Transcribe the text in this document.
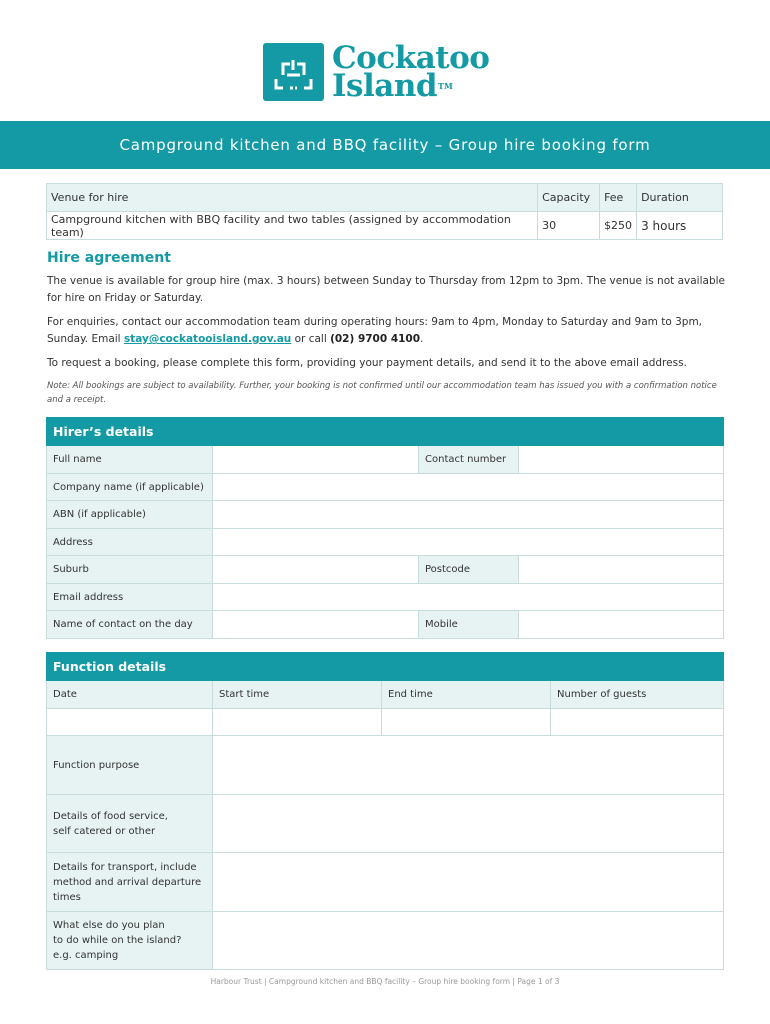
Cockatoo
IslandTM
Campground kitchen and BBQ facility – Group hire booking form
Venue for hire	Capacity	Fee	Duration
Campground kitchen with BBQ facility and two tables (assigned by accommodation team)	30	$250	3 hours
Hire agreement
The venue is available for group hire (max. 3 hours) between Sunday to Thursday from 12pm to 3pm. The venue is not available for hire on Friday or Saturday.
For enquiries, contact our accommodation team during operating hours: 9am to 4pm, Monday to Saturday and 9am to 3pm, Sunday. Email stay@cockatooisland.gov.au or call (02) 9700 4100.
To request a booking, please complete this form, providing your payment details, and send it to the above email address.
Note: All bookings are subject to availability. Further, your booking is not confirmed until our accommodation team has issued you with a confirmation notice and a receipt.
Hirer’s details			
Full name		Contact number	
Company name (if applicable)			
ABN (if applicable)			
Address			
Suburb		Postcode	
Email address			
Name of contact on the day		Mobile	
Function details			
Date	Start time	End time	Number of guests

Function purpose			

Details of food service,
self catered or other			

Details for transport, include
method and arrival departure
times			

What else do you plan
to do while on the island?
e.g. camping			

Harbour Trust | Campground kitchen and BBQ facility – Group hire booking form | Page 1 of 3
